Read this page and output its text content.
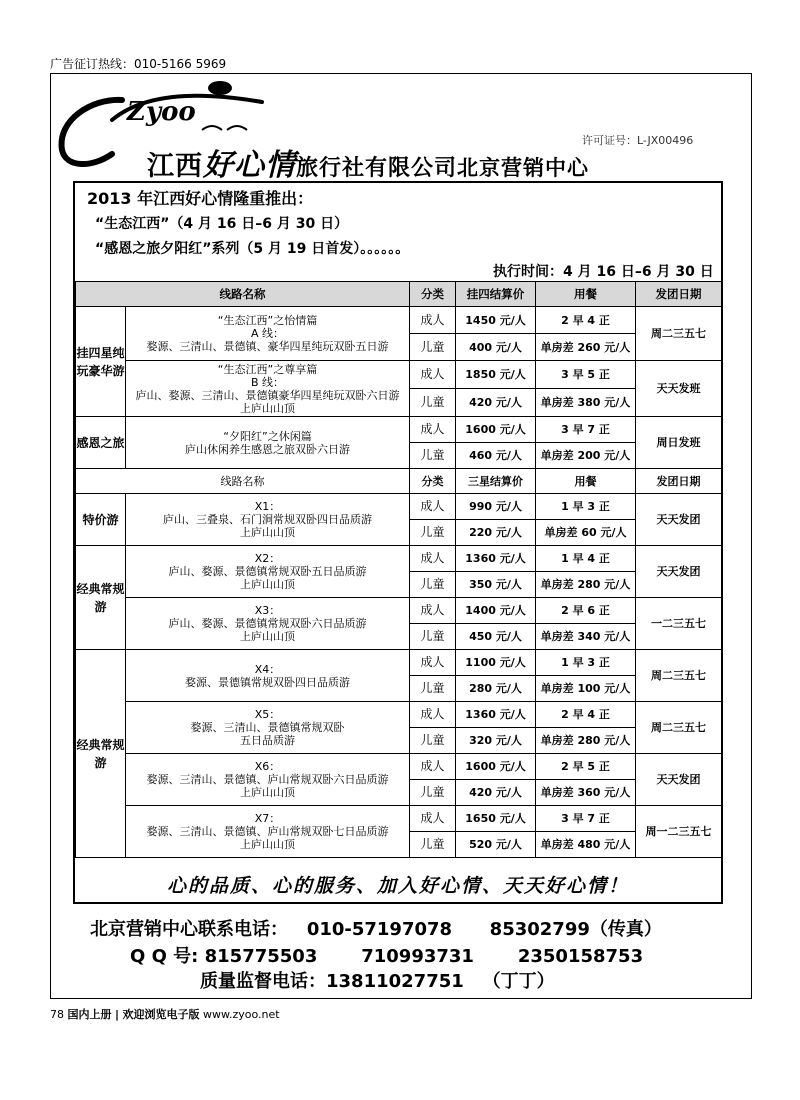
广告征订热线：010-5166 5969
Zyoo
江西好心情旅行社有限公司北京营销中心
许可证号：L-JX00496
2013 年江西好心情隆重推出：
“生态江西”（4 月 16 日–6 月 30 日）
“感恩之旅夕阳红”系列（5 月 19 日首发）。。。。。。
执行时间：4 月 16 日–6 月 30 日
线路名称		分类	挂四结算价	用餐	发团日期
挂四星纯玩豪华游	“生态江西”之怡情篇
A 线：
婺源、三清山、景德镇、豪华四星纯玩双卧五日游	成人	1450 元/人	2 早 4 正	周二三五七
		儿童	400 元/人	单房差 260 元/人	

	“生态江西”之尊享篇
B 线：
庐山、婺源、三清山、景德镇豪华四星纯玩双卧六日游
上庐山山顶	成人	1850 元/人	3 早 5 正	天天发班
		儿童	420 元/人	单房差 380 元/人	
感恩之旅	“夕阳红”之休闲篇
庐山休闲养生感恩之旅双卧六日游	成人	1600 元/人	3 早 7 正	周日发班
		儿童	460 元/人	单房差 200 元/人	
线路名称		分类	三星结算价	用餐	发团日期
特价游	X1：
庐山、三叠泉、石门涧常规双卧四日品质游
上庐山山顶	成人	990 元/人	1 早 3 正	天天发团
		儿童	220 元/人	单房差 60 元/人	
经典常规游	X2：
庐山、婺源、景德镇常规双卧五日品质游
上庐山山顶	成人	1360 元/人	1 早 4 正	天天发团
		儿童	350 元/人	单房差 280 元/人	

	X3：
庐山、婺源、景德镇常规双卧六日品质游
上庐山山顶	成人	1400 元/人	2 早 6 正	一二三五七
		儿童	450 元/人	单房差 340 元/人	
经典常规游	X4：
婺源、景德镇常规双卧四日品质游	成人	1100 元/人	1 早 3 正	周二三五七
		儿童	280 元/人	单房差 100 元/人	

	X5：
婺源、三清山、景德镇常规双卧
五日品质游	成人	1360 元/人	2 早 4 正	周二三五七
		儿童	320 元/人	单房差 280 元/人	

	X6：
婺源、三清山、景德镇、庐山常规双卧六日品质游
上庐山山顶	成人	1600 元/人	2 早 5 正	天天发团
		儿童	420 元/人	单房差 360 元/人	

	X7：
婺源、三清山、景德镇、庐山常规双卧七日品质游
上庐山山顶	成人	1650 元/人	3 早 7 正	周一二三五七
		儿童	520 元/人	单房差 480 元/人	
心的品质、心的服务、加入好心情、天天好心情！
北京营销中心联系电话： 010-57197078 85302799（传真）
Q Q 号: 815775503 710993731 2350158753
质量监督电话：13811027751 （丁丁）
78 国内上册 | 欢迎浏览电子版 www.zyoo.net
